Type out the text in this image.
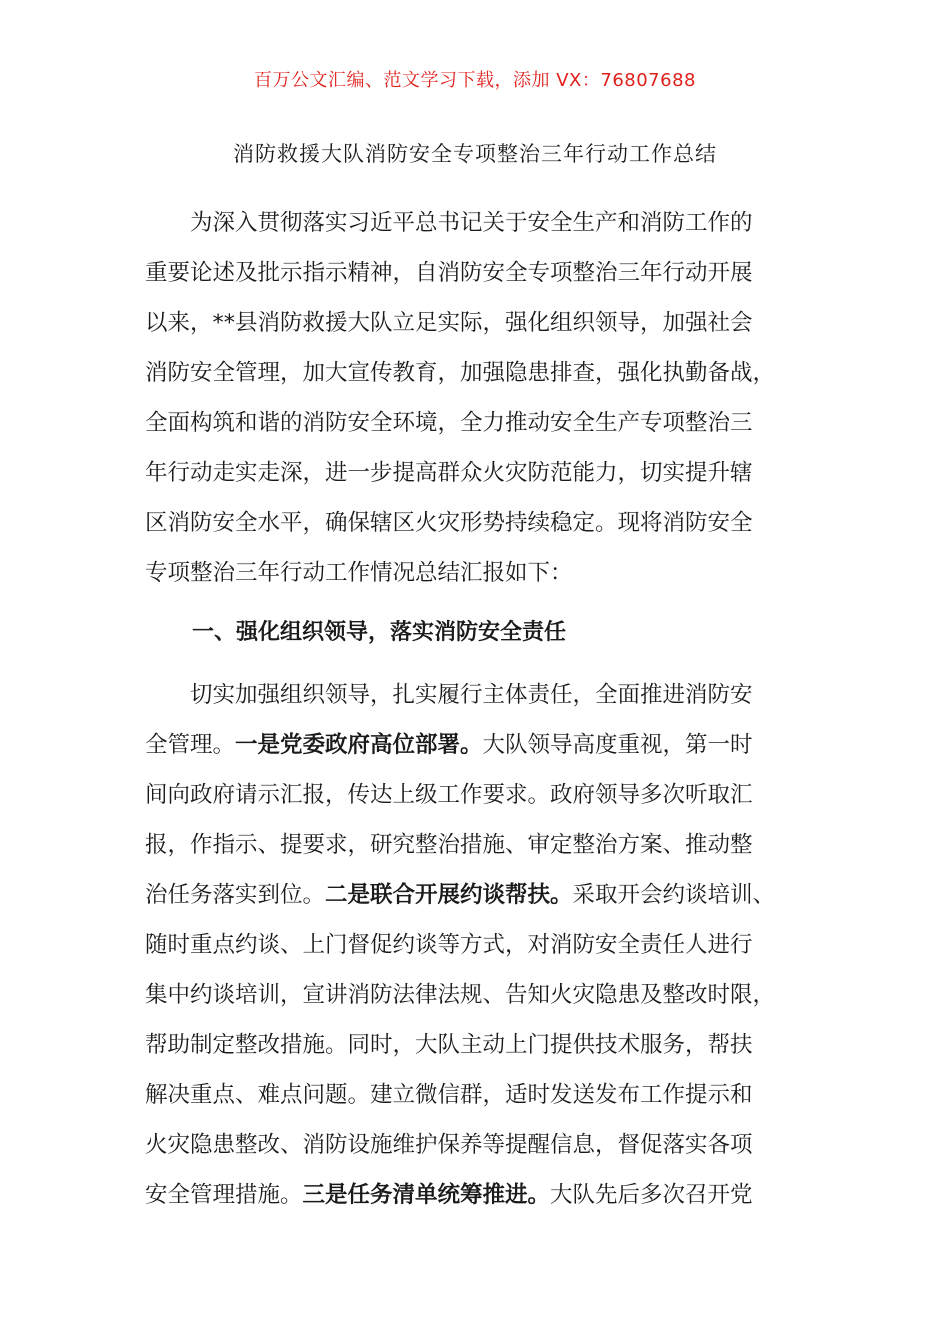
百万公文汇编、范文学习下载，添加 VX：76807688
消防救援大队消防安全专项整治三年行动工作总结
　　为深入贯彻落实习近平总书记关于安全生产和消防工作的
重要论述及批示指示精神，自消防安全专项整治三年行动开展
以来，**县消防救援大队立足实际，强化组织领导，加强社会
消防安全管理，加大宣传教育，加强隐患排查，强化执勤备战，
全面构筑和谐的消防安全环境，全力推动安全生产专项整治三
年行动走实走深，进一步提高群众火灾防范能力，切实提升辖
区消防安全水平，确保辖区火灾形势持续稳定。现将消防安全
专项整治三年行动工作情况总结汇报如下：
一、强化组织领导，落实消防安全责任
　　切实加强组织领导，扎实履行主体责任，全面推进消防安
全管理。一是党委政府高位部署。大队领导高度重视，第一时
间向政府请示汇报，传达上级工作要求。政府领导多次听取汇
报，作指示、提要求，研究整治措施、审定整治方案、推动整
治任务落实到位。二是联合开展约谈帮扶。采取开会约谈培训、
随时重点约谈、上门督促约谈等方式，对消防安全责任人进行
集中约谈培训，宣讲消防法律法规、告知火灾隐患及整改时限，
帮助制定整改措施。同时，大队主动上门提供技术服务，帮扶
解决重点、难点问题。建立微信群，适时发送发布工作提示和
火灾隐患整改、消防设施维护保养等提醒信息，督促落实各项
安全管理措施。三是任务清单统筹推进。大队先后多次召开党
